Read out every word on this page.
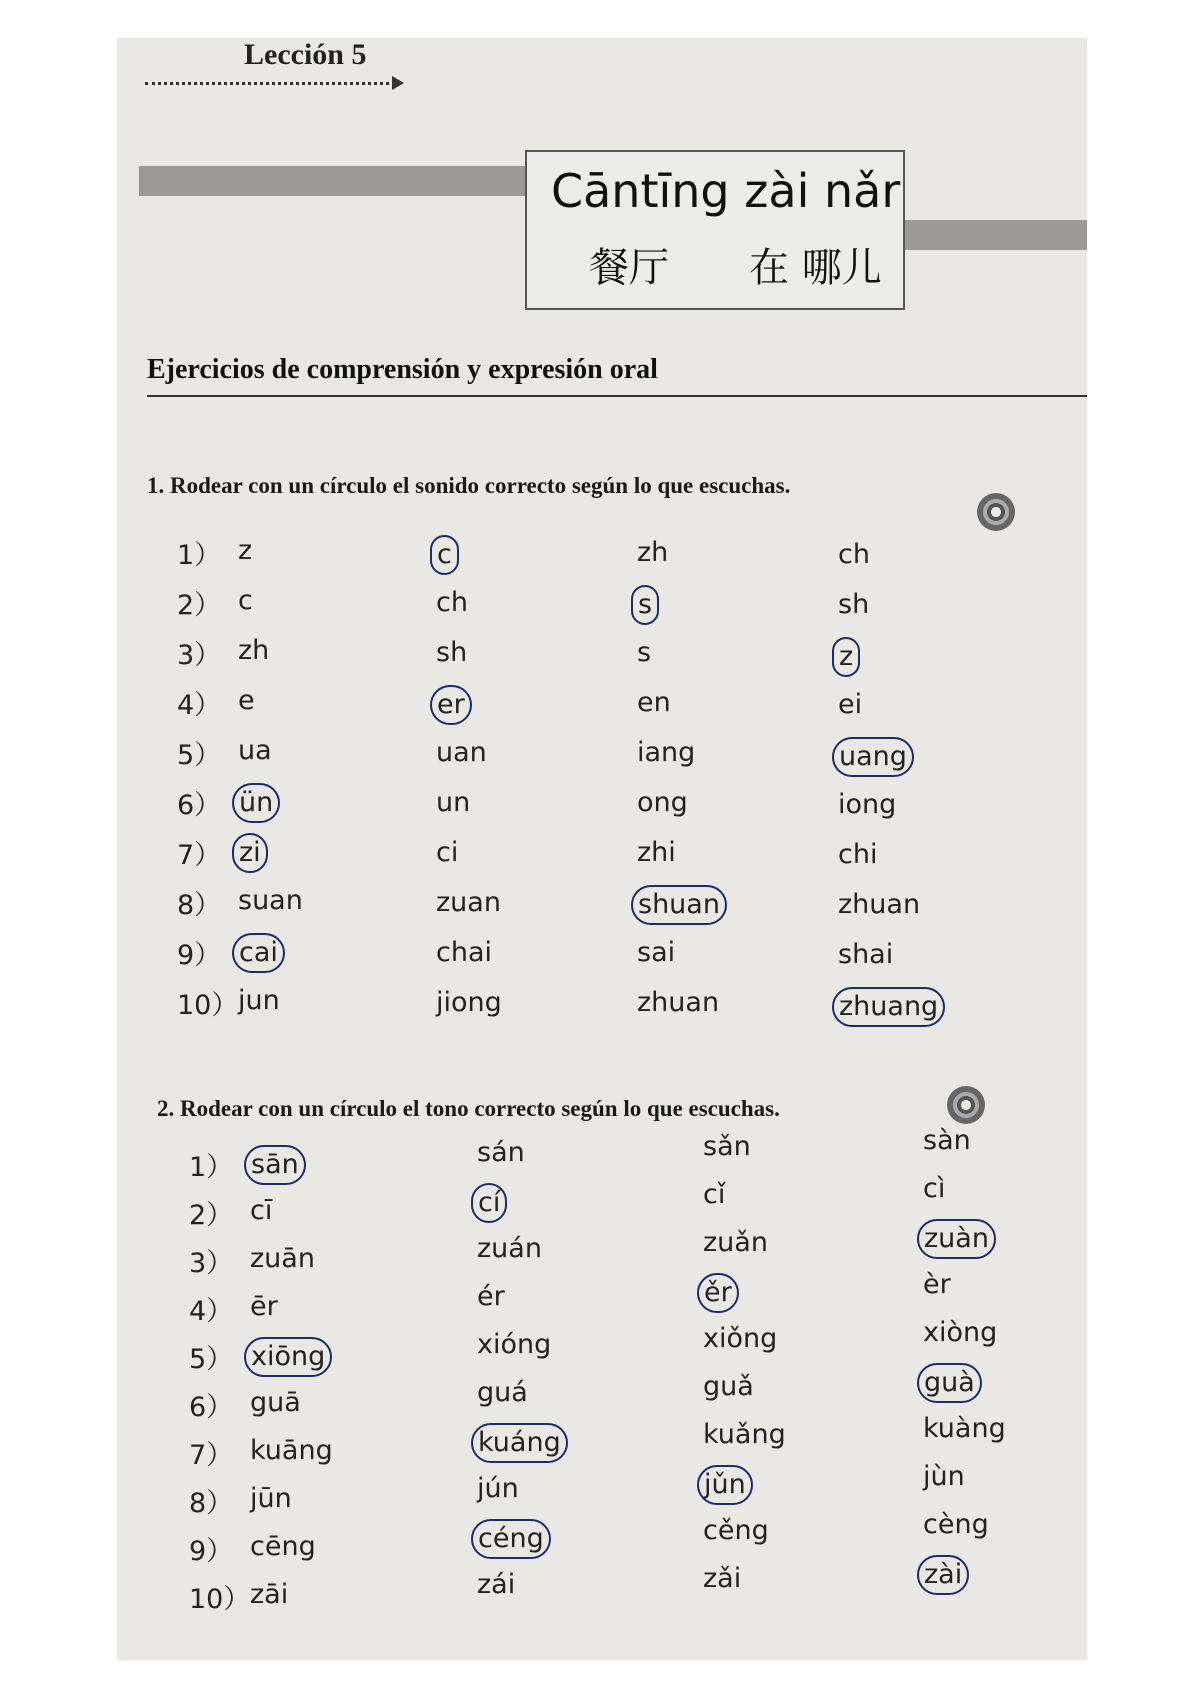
Lección 5
Cāntīng zài nǎr
餐厅　　在 哪儿
Ejercicios de comprensión y expresión oral
1. Rodear con un círculo el sonido correcto según lo que escuchas.
1） z	c	zh	ch
2） c	ch	s	sh
3） zh	sh	s	z
4） e	er	en	ei
5） ua	uan	iang	uang
6） ün	un	ong	iong
7） zi	ci	zhi	chi
8） suan	zuan	shuan	zhuan
9） cai	chai	sai	shai
10） jun	jiong	zhuan	zhuang
2. Rodear con un círculo el tono correcto según lo que escuchas.
1） sān	sán	sǎn	sàn
2） cī	cí	cǐ	cì
3） zuān	zuán	zuǎn	zuàn
4） ēr	ér	ěr	èr
5） xiōng	xióng	xiǒng	xiòng
6） guā	guá	guǎ	guà
7） kuāng	kuáng	kuǎng	kuàng
8） jūn	jún	jǔn	jùn
9） cēng	céng	cěng	cèng
10） zāi	zái	zǎi	zài
